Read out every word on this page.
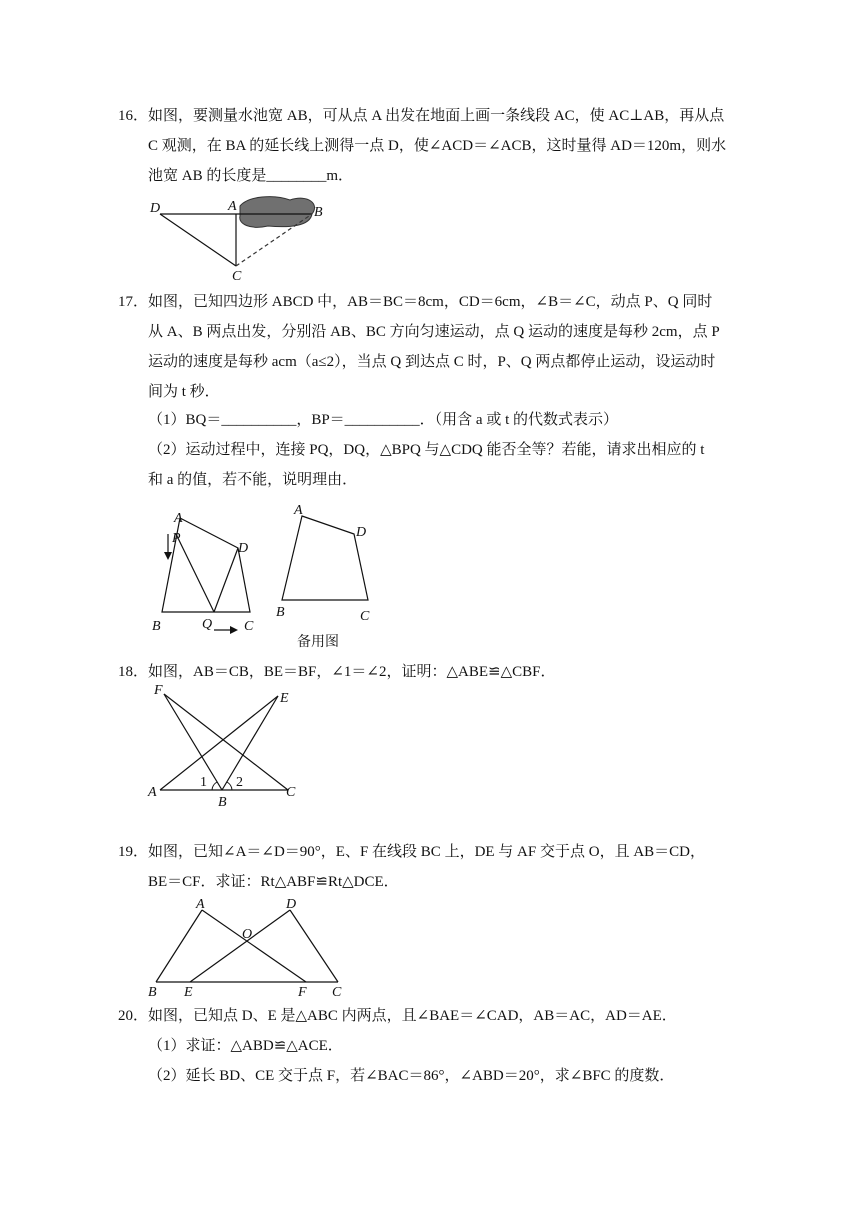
16．如图，要测量水池宽 AB，可从点 A 出发在地面上画一条线段 AC，使 AC⊥AB，再从点
C 观测，在 BA 的延长线上测得一点 D，使∠ACD＝∠ACB，这时量得 AD＝120m，则水
池宽 AB 的长度是________m．
D	A	B
C
17．如图，已知四边形 ABCD 中，AB＝BC＝8cm，CD＝6cm，∠B＝∠C，动点 P、Q 同时
从 A、B 两点出发，分别沿 AB、BC 方向匀速运动，点 Q 运动的速度是每秒 2cm，点 P
运动的速度是每秒 acm（a≤2），当点 Q 到达点 C 时，P、Q 两点都停止运动，设运动时
间为 t 秒．
（1）BQ＝__________，BP＝__________．（用含 a 或 t 的代数式表示）
（2）运动过程中，连接 PQ，DQ，△BPQ 与△CDQ 能否全等？若能，请求出相应的 t
和 a 的值，若不能，说明理由．
A
P
D
B	Q C
A
D
B	C
备用图
18．如图，AB＝CB，BE＝BF，∠1＝∠2，证明：△ABE≌△CBF．
F
E
A
B
C
1 2
19．如图，已知∠A＝∠D＝90°，E、F 在线段 BC 上，DE 与 AF 交于点 O，且 AB＝CD，
BE＝CF．求证：Rt△ABF≌Rt△DCE．
A	D
O
B E	F C
20．如图，已知点 D、E 是△ABC 内两点，且∠BAE＝∠CAD，AB＝AC，AD＝AE．
（1）求证：△ABD≌△ACE．
（2）延长 BD、CE 交于点 F，若∠BAC＝86°，∠ABD＝20°，求∠BFC 的度数．
